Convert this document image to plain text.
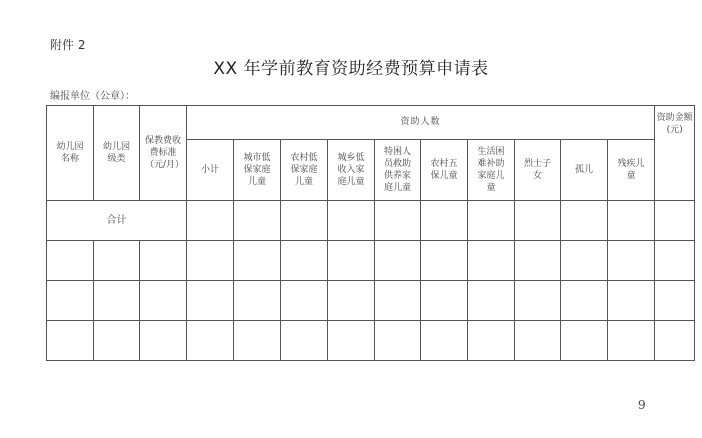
附件 2
XX 年学前教育资助经费预算申请表
编报单位（公章）：
幼儿园名称	幼儿园级类	保教费收费标准（元/月）	资助人数										资助金额(元)
			小计	城市低保家庭儿童	农村低保家庭儿童	城乡低收入家庭儿童	特困人员救助供养家庭儿童	农村五保儿童	生活困难补助家庭儿童	烈士子女	孤儿	残疾儿童	
合计													

9
